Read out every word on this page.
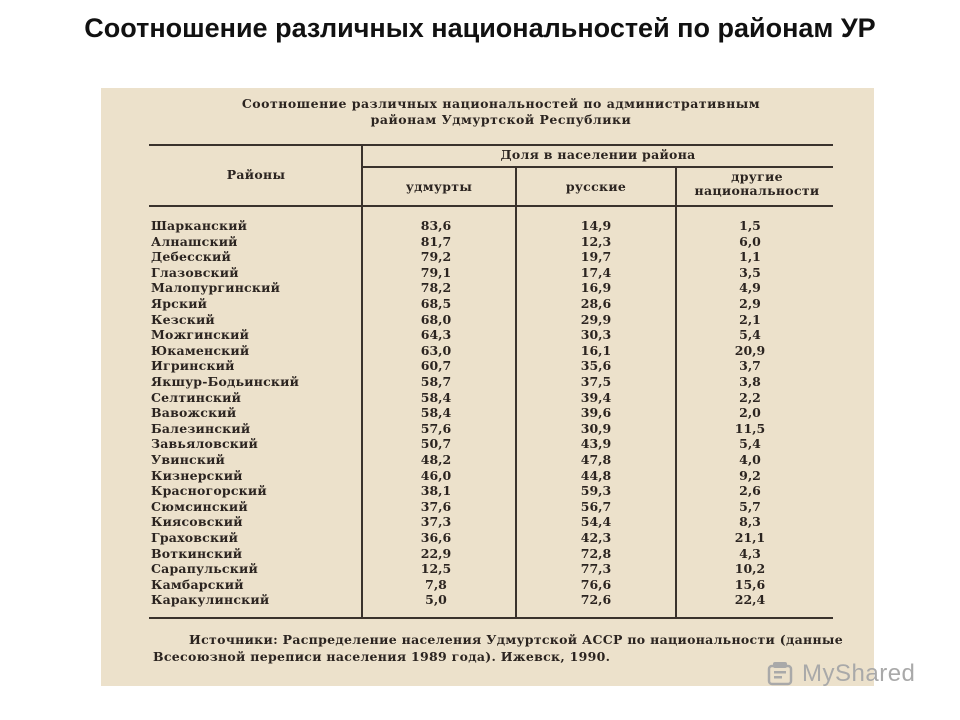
Соотношение различных национальностей по районам УР
Соотношение различных национальностей по административным районам Удмуртской Республики
Районы
Доля в населении района
удмурты	русские
другие национальности
Шарканский	83,6	14,9	1,5
Алнашский	81,7	12,3	6,0
Дебесский	79,2	19,7	1,1
Глазовский	79,1	17,4	3,5
Малопургинский	78,2	16,9	4,9
Ярский	68,5	28,6	2,9
Кезский	68,0	29,9	2,1
Можгинский	64,3	30,3	5,4
Юкаменский	63,0	16,1	20,9
Игринский	60,7	35,6	3,7
Якшур-Бодьинский	58,7	37,5	3,8
Селтинский	58,4	39,4	2,2
Вавожский	58,4	39,6	2,0
Балезинский	57,6	30,9	11,5
Завьяловский	50,7	43,9	5,4
Увинский	48,2	47,8	4,0
Кизнерский	46,0	44,8	9,2
Красногорский	38,1	59,3	2,6
Сюмсинский	37,6	56,7	5,7
Киясовский	37,3	54,4	8,3
Граховский	36,6	42,3	21,1
Воткинский	22,9	72,8	4,3
Сарапульский	12,5	77,3	10,2
Камбарский	7,8	76,6	15,6
Каракулинский	5,0	72,6	22,4
Источники: Распределение населения Удмуртской АССР по национальности (данные Всесоюзной переписи населения 1989 года). Ижевск, 1990.
MyShared
